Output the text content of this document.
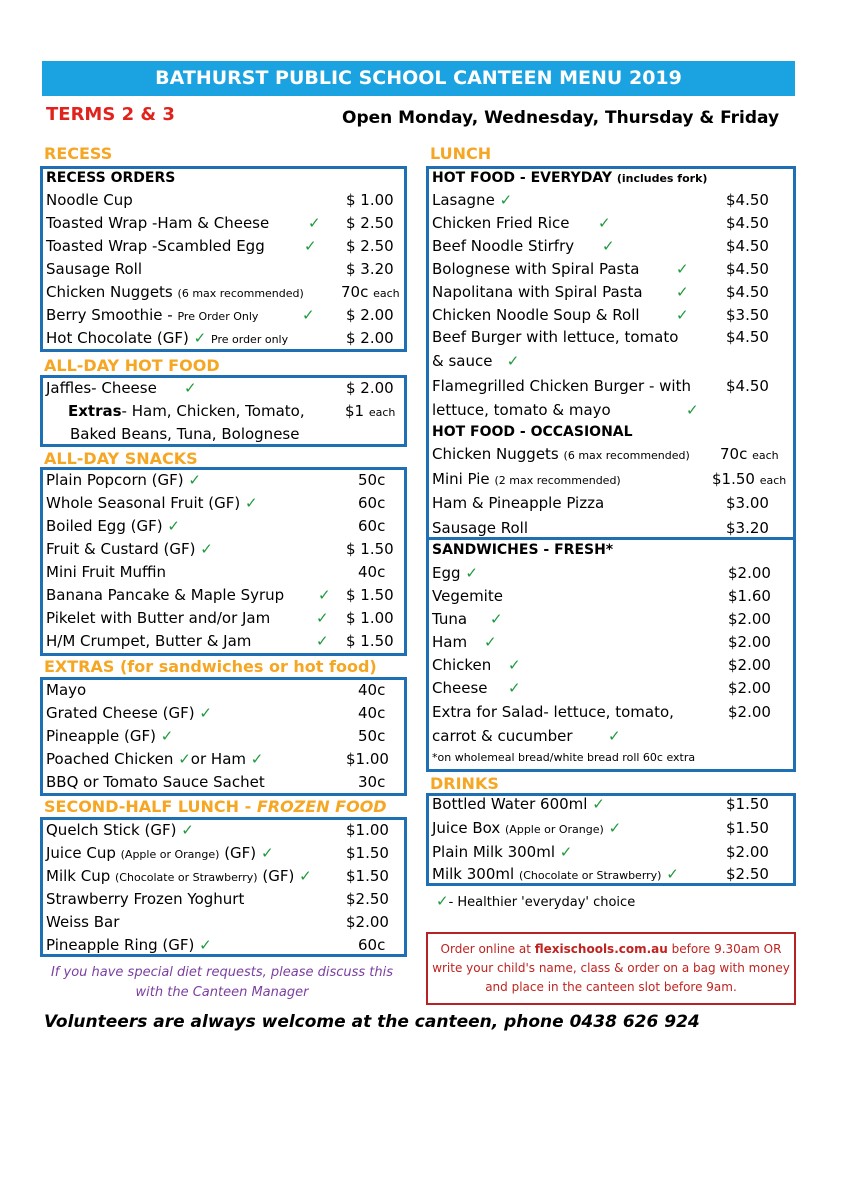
BATHURST PUBLIC SCHOOL CANTEEN MENU 2019
TERMS 2 & 3	Open Monday, Wednesday, Thursday & Friday
RECESS
RECESS ORDERS
Noodle Cup	$ 1.00
Toasted Wrap -Ham & Cheese	✓ $ 2.50
Toasted Wrap -Scambled Egg	✓ $ 2.50
Sausage Roll	$ 3.20
Chicken Nuggets (6 max recommended) 70c each
Berry Smoothie - Pre Order Only	✓ $ 2.00
Hot Chocolate (GF) ✓ Pre order only	$ 2.00
ALL-DAY HOT FOOD
Jaffles- Cheese ✓	$ 2.00
Extras- Ham, Chicken, Tomato,	$1 each
Baked Beans, Tuna, Bolognese
ALL-DAY SNACKS
Plain Popcorn (GF) ✓	50c
Whole Seasonal Fruit (GF) ✓	60c
Boiled Egg (GF) ✓	60c
Fruit & Custard (GF) ✓	$ 1.50
Mini Fruit Muffin	40c
Banana Pancake & Maple Syrup ✓ $ 1.50
Pikelet with Butter and/or Jam	✓ $ 1.00
H/M Crumpet, Butter & Jam	✓ $ 1.50
EXTRAS (for sandwiches or hot food)
Mayo	40c
Grated Cheese (GF) ✓	40c
Pineapple (GF) ✓	50c
Poached Chicken ✓or Ham ✓	$1.00
BBQ or Tomato Sauce Sachet	30c
SECOND-HALF LUNCH - FROZEN FOOD
Quelch Stick (GF) ✓	$1.00
Juice Cup (Apple or Orange) (GF) ✓	$1.50
Milk Cup (Chocolate or Strawberry) (GF) ✓ $1.50
Strawberry Frozen Yoghurt	$2.50
Weiss Bar	$2.00
Pineapple Ring (GF) ✓	60c
If you have special diet requests, please discuss this with the Canteen Manager
Volunteers are always welcome at the canteen, phone 0438 626 924
LUNCH
HOT FOOD - EVERYDAY (includes fork)
Lasagne ✓	$4.50
Chicken Fried Rice ✓	$4.50
Beef Noodle Stirfry ✓	$4.50
Bolognese with Spiral Pasta ✓ $4.50
Napolitana with Spiral Pasta ✓ $4.50
Chicken Noodle Soup & Roll ✓ $3.50
Beef Burger with lettuce, tomato	$4.50
& sauce ✓
Flamegrilled Chicken Burger - with $4.50
lettuce, tomato & mayo	✓
HOT FOOD - OCCASIONAL
Chicken Nuggets (6 max recommended) 70c each
Mini Pie (2 max recommended)	$1.50 each
Ham & Pineapple Pizza	$3.00
Sausage Roll	$3.20
SANDWICHES - FRESH*
Egg ✓	$2.00
Vegemite	$1.60
Tuna ✓	$2.00
Ham ✓	$2.00
Chicken ✓	$2.00
Cheese ✓	$2.00
Extra for Salad- lettuce, tomato,	$2.00
carrot & cucumber ✓
*on wholemeal bread/white bread roll 60c extra
DRINKS
Bottled Water 600ml ✓	$1.50
Juice Box (Apple or Orange) ✓	$1.50
Plain Milk 300ml ✓	$2.00
Milk 300ml (Chocolate or Strawberry) ✓	$2.50
✓- Healthier 'everyday' choice
Order online at flexischools.com.au before 9.30am OR write your child's name, class & order on a bag with money and place in the canteen slot before 9am.
